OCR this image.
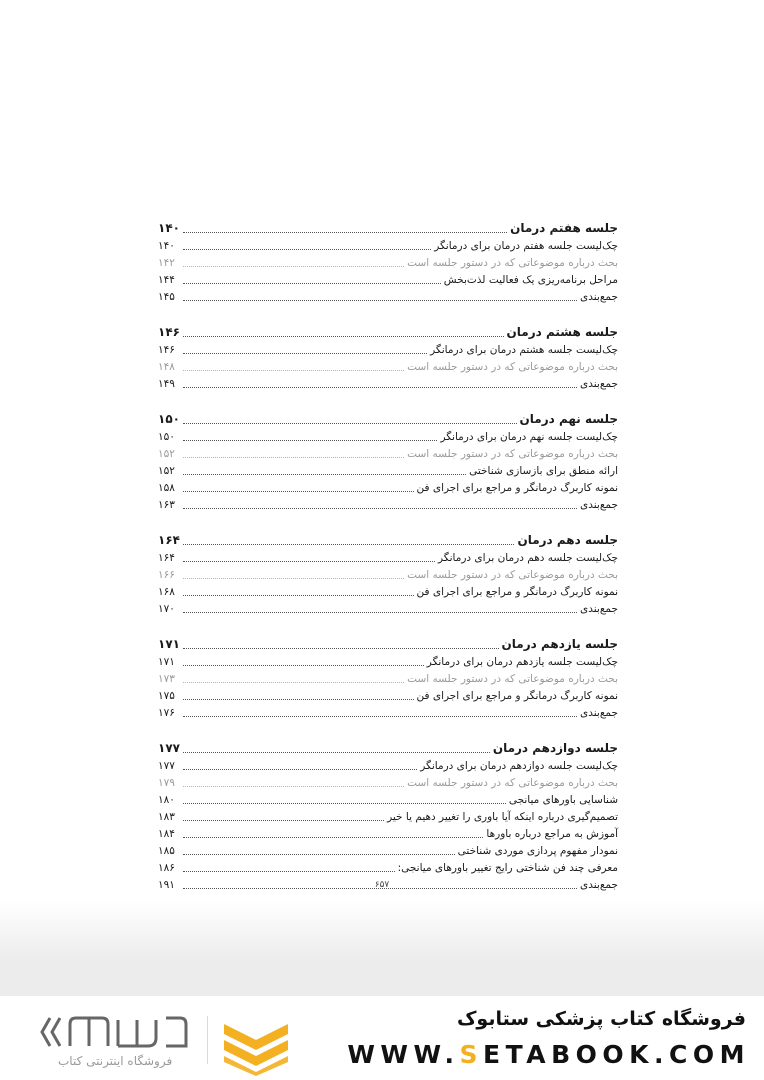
جلسه هفتم درمان
۱۴۰
چک‌لیست جلسه هفتم درمان برای درمانگر
۱۴۰
بحث درباره موضوعاتی که در دستور جلسه است
۱۴۲
مراحل برنامه‌ریزی یک فعالیت لذت‌بخش
۱۴۴
جمع‌بندی
۱۴۵
جلسه هشتم درمان
۱۴۶
چک‌لیست جلسه هشتم درمان برای درمانگر
۱۴۶
بحث درباره موضوعاتی که در دستور جلسه است
۱۴۸
جمع‌بندی
۱۴۹
جلسه نهم درمان
۱۵۰
چک‌لیست جلسه نهم درمان برای درمانگر
۱۵۰
بحث درباره موضوعاتی که در دستور جلسه است
۱۵۲
ارائه منطق برای بازسازی شناختی
۱۵۲
نمونه کاربرگ درمانگر و مراجع برای اجرای فن
۱۵۸
جمع‌بندی
۱۶۳
جلسه دهم درمان
۱۶۴
چک‌لیست جلسه دهم درمان برای درمانگر
۱۶۴
بحث درباره موضوعاتی که در دستور جلسه است
۱۶۶
نمونه کاربرگ درمانگر و مراجع برای اجرای فن
۱۶۸
جمع‌بندی
۱۷۰
جلسه یازدهم درمان
۱۷۱
چک‌لیست جلسه یازدهم درمان برای درمانگر
۱۷۱
بحث درباره موضوعاتی که در دستور جلسه است
۱۷۳
نمونه کاربرگ درمانگر و مراجع برای اجرای فن
۱۷۵
جمع‌بندی
۱۷۶
جلسه دوازدهم درمان
۱۷۷
چک‌لیست جلسه دوازدهم درمان برای درمانگر
۱۷۷
بحث درباره موضوعاتی که در دستور جلسه است
۱۷۹
شناسایی باورهای میانجی
۱۸۰
تصمیم‌گیری درباره اینکه آیا باوری را تغییر دهیم یا خیر
۱۸۳
آموزش به مراجع درباره باورها
۱۸۴
نمودار مفهوم پردازی موردی شناختی
۱۸۵
معرفی چند فن شناختی رایج تغییر باورهای میانجی:
۱۸۶
جمع‌بندی
۱۹۱	۶۵۷
فروشگاه اینترنتی کتاب
فروشگاه کتاب پزشکی ستابوک
WWW.SETABOOK.COM
